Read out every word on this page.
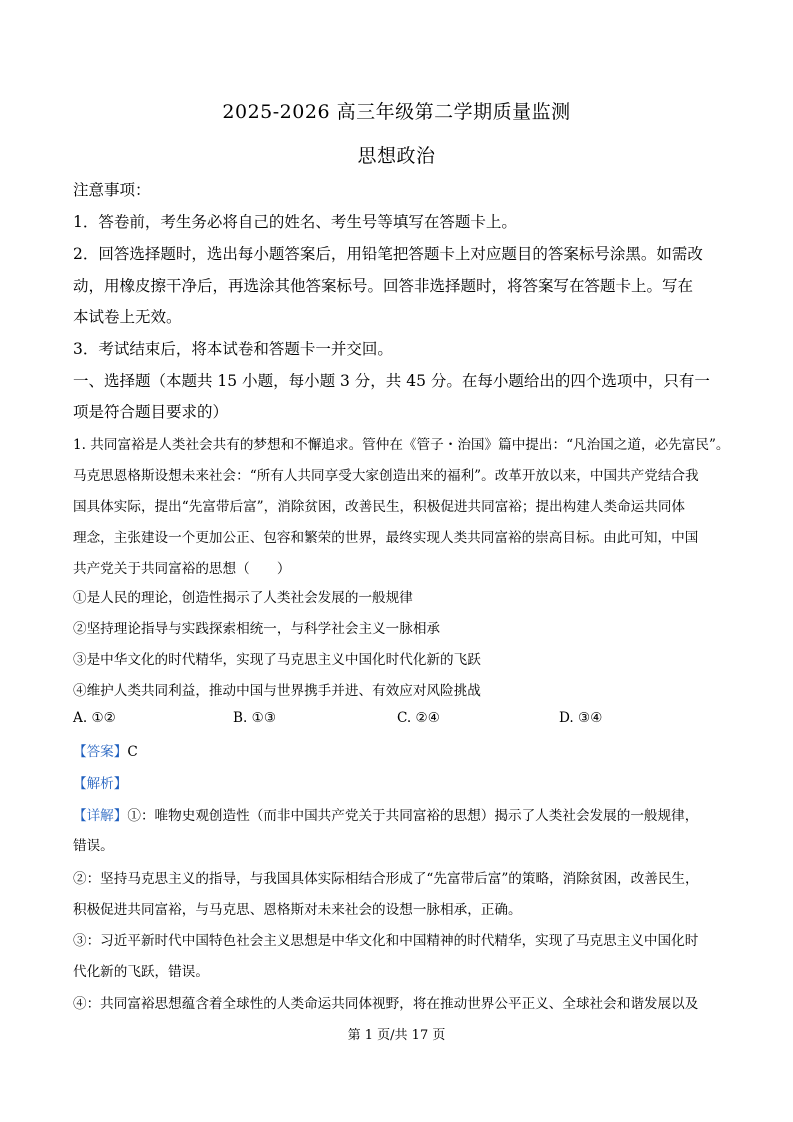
2025-2026 高三年级第二学期质量监测
思想政治
注意事项：
1．答卷前，考生务必将自己的姓名、考生号等填写在答题卡上。
2．回答选择题时，选出每小题答案后，用铅笔把答题卡上对应题目的答案标号涂黑。如需改
动，用橡皮擦干净后，再选涂其他答案标号。回答非选择题时，将答案写在答题卡上。写在
本试卷上无效。
3．考试结束后，将本试卷和答题卡一并交回。
一、选择题（本题共 15 小题，每小题 3 分，共 45 分。在每小题给出的四个选项中，只有一
项是符合题目要求的）
1. 共同富裕是人类社会共有的梦想和不懈追求。管仲在《管子・治国》篇中提出：“凡治国之道，必先富民”。
马克思恩格斯设想未来社会：“所有人共同享受大家创造出来的福利”。改革开放以来，中国共产党结合我
国具体实际，提出“先富带后富”，消除贫困，改善民生，积极促进共同富裕；提出构建人类命运共同体
理念，主张建设一个更加公正、包容和繁荣的世界，最终实现人类共同富裕的崇高目标。由此可知，中国
共产党关于共同富裕的思想（　　）
①是人民的理论，创造性揭示了人类社会发展的一般规律
②坚持理论指导与实践探索相统一，与科学社会主义一脉相承
③是中华文化的时代精华，实现了马克思主义中国化时代化新的飞跃
④维护人类共同利益，推动中国与世界携手并进、有效应对风险挑战
A. ①②	B. ①③	C. ②④	D. ③④
【答案】C
【解析】
【详解】①：唯物史观创造性（而非中国共产党关于共同富裕的思想）揭示了人类社会发展的一般规律，
错误。
②：坚持马克思主义的指导，与我国具体实际相结合形成了“先富带后富”的策略，消除贫困，改善民生，
积极促进共同富裕，与马克思、恩格斯对未来社会的设想一脉相承，正确。
③：习近平新时代中国特色社会主义思想是中华文化和中国精神的时代精华，实现了马克思主义中国化时
代化新的飞跃，错误。
④：共同富裕思想蕴含着全球性的人类命运共同体视野，将在推动世界公平正义、全球社会和谐发展以及
第 1 页/共 17 页
